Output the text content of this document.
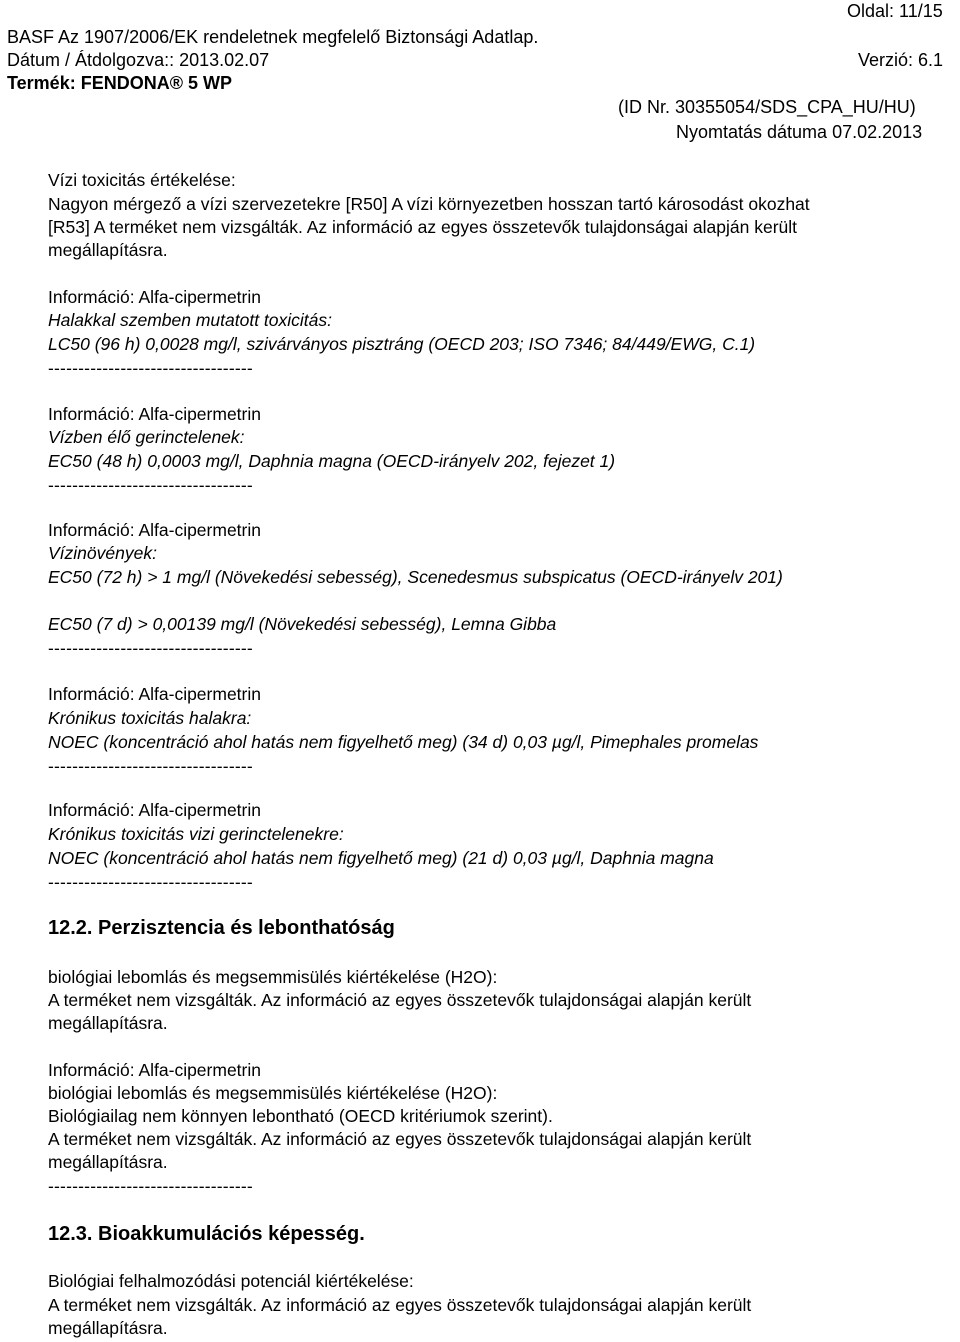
Oldal: 11/15
BASF Az 1907/2006/EK rendeletnek megfelelő Biztonsági Adatlap.
Dátum / Átdolgozva:: 2013.02.07	Verzió: 6.1
Termék: FENDONA® 5 WP
(ID Nr. 30355054/SDS_CPA_HU/HU)
Nyomtatás dátuma 07.02.2013
Vízi toxicitás értékelése:
Nagyon mérgező a vízi szervezetekre [R50] A vízi környezetben hosszan tartó károsodást okozhat
[R53] A terméket nem vizsgálták. Az információ az egyes összetevők tulajdonságai alapján került
megállapításra.
Információ: Alfa-cipermetrin
Halakkal szemben mutatott toxicitás:
LC50 (96 h) 0,0028 mg/l, szivárványos pisztráng (OECD 203; ISO 7346; 84/449/EWG, C.1)
----------------------------------
Információ: Alfa-cipermetrin
Vízben élő gerinctelenek:
EC50 (48 h) 0,0003 mg/l, Daphnia magna (OECD-irányelv 202, fejezet 1)
----------------------------------
Információ: Alfa-cipermetrin
Vízinövények:
EC50 (72 h) > 1 mg/l (Növekedési sebesség), Scenedesmus subspicatus (OECD-irányelv 201)
EC50 (7 d) > 0,00139 mg/l (Növekedési sebesség), Lemna Gibba
----------------------------------
Információ: Alfa-cipermetrin
Krónikus toxicitás halakra:
NOEC (koncentráció ahol hatás nem figyelhető meg) (34 d) 0,03 µg/l, Pimephales promelas
----------------------------------
Információ: Alfa-cipermetrin
Krónikus toxicitás vizi gerinctelenekre:
NOEC (koncentráció ahol hatás nem figyelhető meg) (21 d) 0,03 µg/l, Daphnia magna
----------------------------------
12.2. Perzisztencia és lebonthatóság
biológiai lebomlás és megsemmisülés kiértékelése (H2O):
A terméket nem vizsgálták. Az információ az egyes összetevők tulajdonságai alapján került
megállapításra.
Információ: Alfa-cipermetrin
biológiai lebomlás és megsemmisülés kiértékelése (H2O):
Biológiailag nem könnyen lebontható (OECD kritériumok szerint).
A terméket nem vizsgálták. Az információ az egyes összetevők tulajdonságai alapján került
megállapításra.
----------------------------------
12.3. Bioakkumulációs képesség.
Biológiai felhalmozódási potenciál kiértékelése:
A terméket nem vizsgálták. Az információ az egyes összetevők tulajdonságai alapján került
megállapításra.
